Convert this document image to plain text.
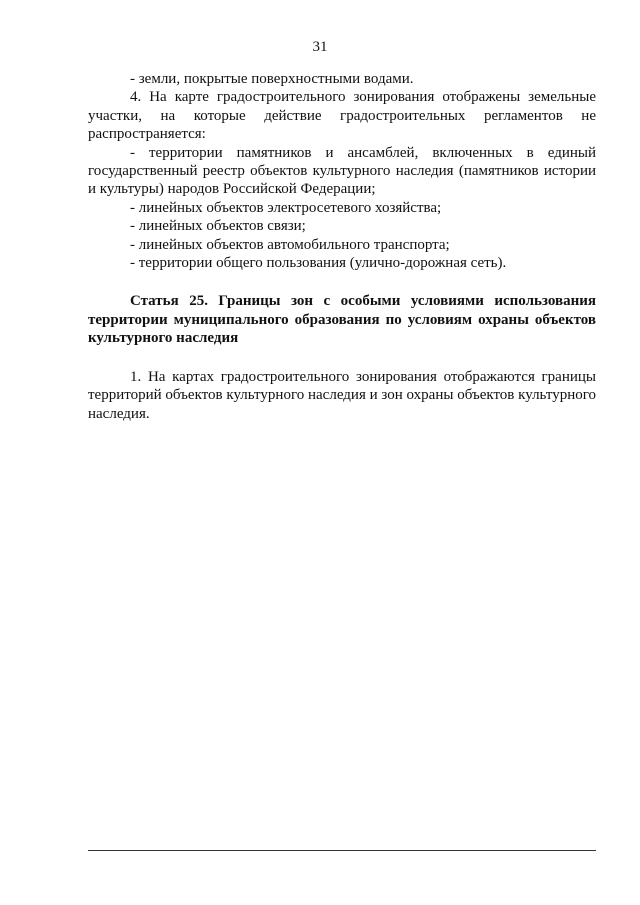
31

- земли, покрытые поверхностными водами.

4. На карте градостроительного зонирования отображены земельные участки, на которые действие градостроительных регламентов не распространяется:

- территории памятников и ансамблей, включенных в единый государственный реестр объектов культурного наследия (памятников истории и культуры) народов Российской Федерации;

- линейных объектов электросетевого хозяйства;

- линейных объектов связи;

- линейных объектов автомобильного транспорта;

- территории общего пользования (улично-дорожная сеть).

Статья 25. Границы зон с особыми условиями использования территории муниципального образования по условиям охраны объектов культурного наследия

1. На картах градостроительного зонирования отображаются границы территорий объектов культурного наследия и зон охраны объектов культурного наследия.
